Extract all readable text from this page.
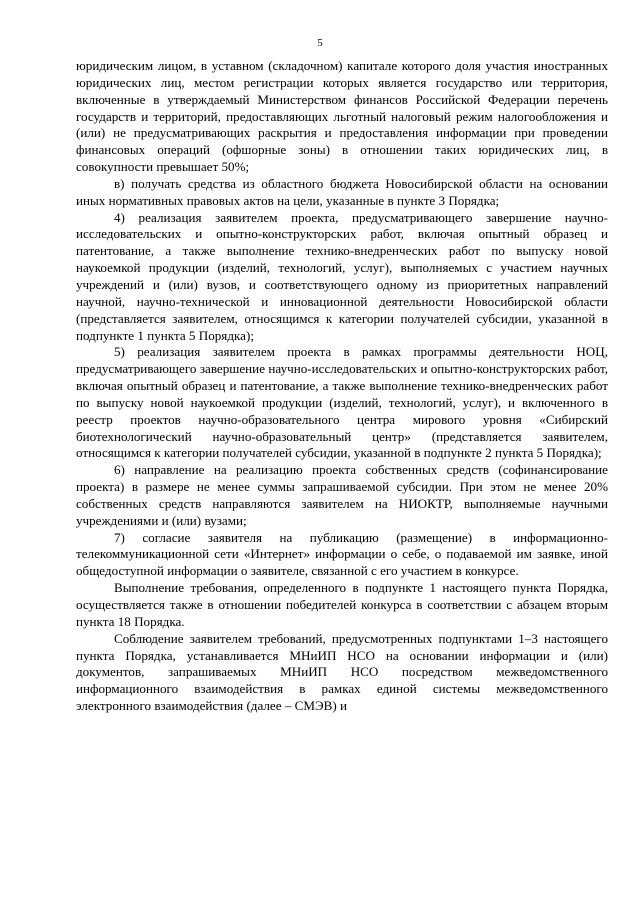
5

юридическим лицом, в уставном (складочном) капитале которого доля участия иностранных юридических лиц, местом регистрации которых является государство или территория, включенные в утверждаемый Министерством финансов Российской Федерации перечень государств и территорий, предоставляющих льготный налоговый режим налогообложения и (или) не предусматривающих раскрытия и предоставления информации при проведении финансовых операций (офшорные зоны) в отношении таких юридических лиц, в совокупности превышает 50%;

в) получать средства из областного бюджета Новосибирской области на основании иных нормативных правовых актов на цели, указанные в пункте 3 Порядка;

4) реализация заявителем проекта, предусматривающего завершение научно-исследовательских и опытно-конструкторских работ, включая опытный образец и патентование, а также выполнение технико-внедренческих работ по выпуску новой наукоемкой продукции (изделий, технологий, услуг), выполняемых с участием научных учреждений и (или) вузов, и соответствующего одному из приоритетных направлений научной, научно-технической и инновационной деятельности Новосибирской области (представляется заявителем, относящимся к категории получателей субсидии, указанной в подпункте 1 пункта 5 Порядка);

5) реализация заявителем проекта в рамках программы деятельности НОЦ, предусматривающего завершение научно-исследовательских и опытно-конструкторских работ, включая опытный образец и патентование, а также выполнение технико-внедренческих работ по выпуску новой наукоемкой продукции (изделий, технологий, услуг), и включенного в реестр проектов научно-образовательного центра мирового уровня «Сибирский биотехнологический научно-образовательный центр» (представляется заявителем, относящимся к категории получателей субсидии, указанной в подпункте 2 пункта 5 Порядка);

6) направление на реализацию проекта собственных средств (софинансирование проекта) в размере не менее суммы запрашиваемой субсидии. При этом не менее 20% собственных средств направляются заявителем на НИОКТР, выполняемые научными учреждениями и (или) вузами;

7) согласие заявителя на публикацию (размещение) в информационно-телекоммуникационной сети «Интернет» информации о себе, о подаваемой им заявке, иной общедоступной информации о заявителе, связанной с его участием в конкурсе.

Выполнение требования, определенного в подпункте 1 настоящего пункта Порядка, осуществляется также в отношении победителей конкурса в соответствии с абзацем вторым пункта 18 Порядка.

Соблюдение заявителем требований, предусмотренных подпунктами 1–3 настоящего пункта Порядка, устанавливается МНиИП НСО на основании информации и (или) документов, запрашиваемых МНиИП НСО посредством межведомственного информационного взаимодействия в рамках единой системы межведомственного электронного взаимодействия (далее – СМЭВ) и
